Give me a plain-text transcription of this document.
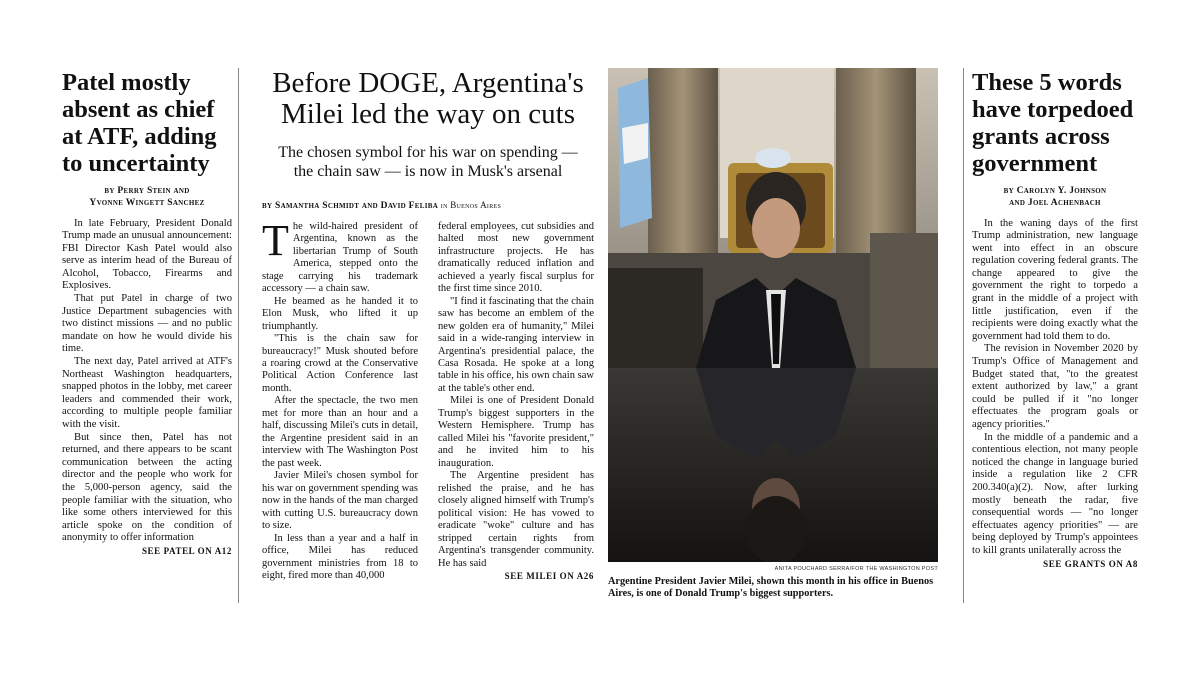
Patel mostly absent as chief at ATF, adding to uncertainty
by Perry Stein and
Yvonne Wingett Sanchez

In late February, President Donald Trump made an unusual announcement: FBI Director Kash Patel would also serve as interim head of the Bureau of Alcohol, Tobacco, Firearms and Explosives.

That put Patel in charge of two Justice Department subagencies with two distinct missions — and no public mandate on how he would divide his time.

The next day, Patel arrived at ATF's Northeast Washington headquarters, snapped photos in the lobby, met career leaders and commended their work, according to multiple people familiar with the visit.

But since then, Patel has not returned, and there appears to be scant communication between the acting director and the people who work for the 5,000-person agency, said the people familiar with the situation, who like some others interviewed for this article spoke on the condition of anonymity to offer information

SEE PATEL ON A12
Before DOGE, Argentina's Milei led the way on cuts
The chosen symbol for his war on spending — the chain saw — is now in Musk's arsenal
by Samantha Schmidt and David Feliba in Buenos Aires

The wild-haired president of Argentina, known as the libertarian Trump of South America, stepped onto the stage carrying his trademark accessory — a chain saw.

He beamed as he handed it to Elon Musk, who lifted it up triumphantly.

"This is the chain saw for bureaucracy!" Musk shouted before a roaring crowd at the Conservative Political Action Conference last month.

After the spectacle, the two men met for more than an hour and a half, discussing Milei's cuts in detail, the Argentine president said in an interview with The Washington Post the past week.

Javier Milei's chosen symbol for his war on government spending was now in the hands of the man charged with cutting U.S. bureaucracy down to size.

In less than a year and a half in office, Milei has reduced government ministries from 18 to eight, fired more than 40,000

federal employees, cut subsidies and halted most new government infrastructure projects. He has dramatically reduced inflation and achieved a yearly fiscal surplus for the first time since 2010.

"I find it fascinating that the chain saw has become an emblem of the new golden era of humanity," Milei said in a wide-ranging interview in Argentina's presidential palace, the Casa Rosada. He spoke at a long table in his office, his own chain saw at the table's other end.

Milei is one of President Donald Trump's biggest supporters in the Western Hemisphere. Trump has called Milei his "favorite president," and he invited him to his inauguration.

The Argentine president has relished the praise, and he has closely aligned himself with Trump's political vision: He has vowed to eradicate "woke" culture and has stripped certain rights from Argentina's transgender community. He has said

SEE MILEI ON A26
ANITA POUCHARD SERRA/FOR THE WASHINGTON POST
Argentine President Javier Milei, shown this month in his office in Buenos Aires, is one of Donald Trump's biggest supporters.
These 5 words have torpedoed grants across government
by Carolyn Y. Johnson
and Joel Achenbach

In the waning days of the first Trump administration, new language went into effect in an obscure regulation covering federal grants. The change appeared to give the government the right to torpedo a grant in the middle of a project with little justification, even if the recipients were doing exactly what the government had told them to do.

The revision in November 2020 by Trump's Office of Management and Budget stated that, "to the greatest extent authorized by law," a grant could be pulled if it "no longer effectuates the program goals or agency priorities."

In the middle of a pandemic and a contentious election, not many people noticed the change in language buried inside a regulation like 2 CFR 200.340(a)(2). Now, after lurking mostly beneath the radar, five consequential words — "no longer effectuates agency priorities" — are being deployed by Trump's appointees to kill grants unilaterally across the

SEE GRANTS ON A8
